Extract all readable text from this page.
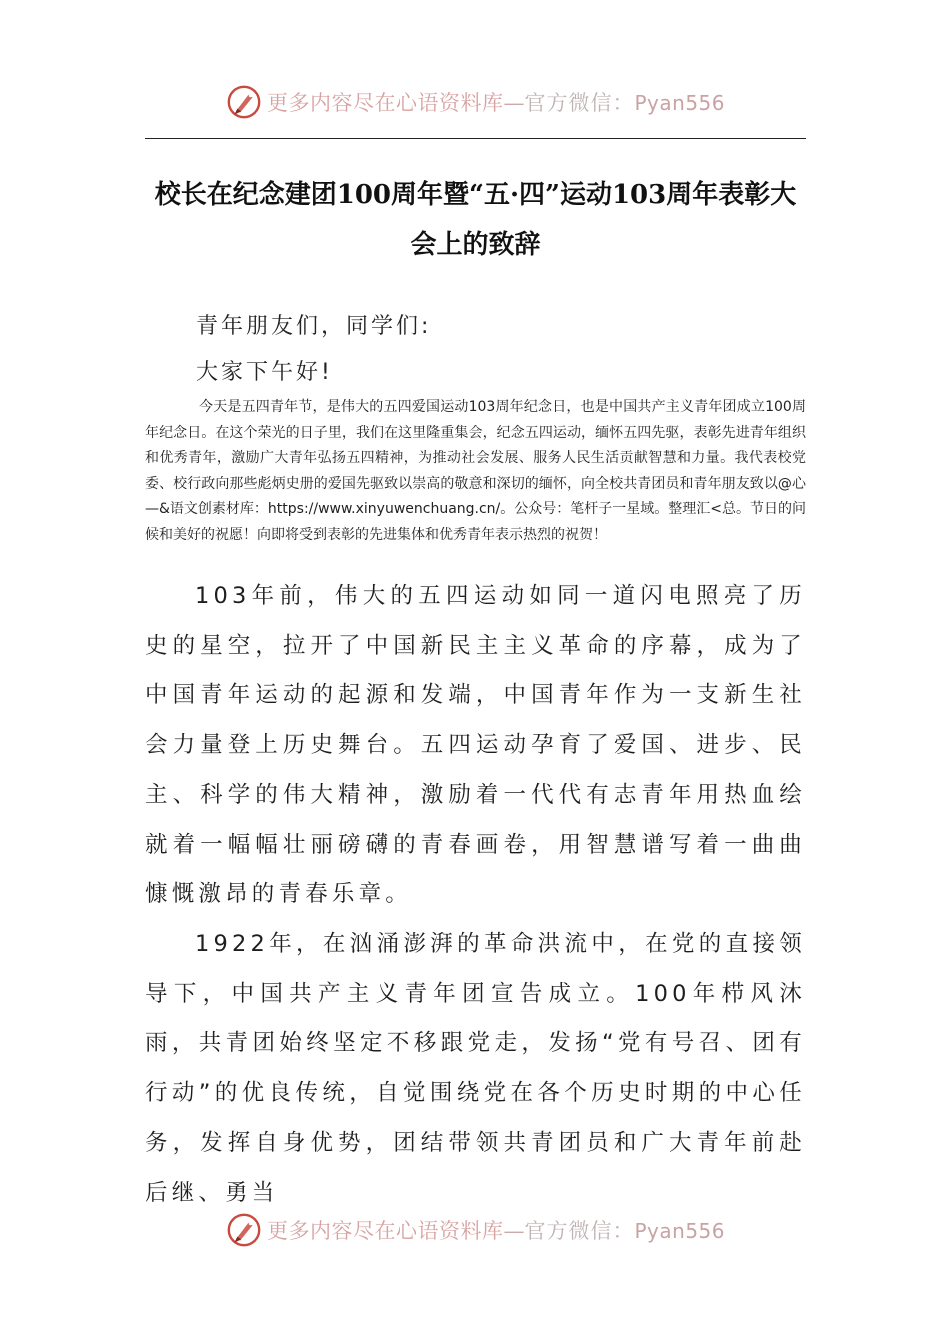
更多内容尽在心语资料库—官方微信：Pyan556
校长在纪念建团100周年暨“五·四”运动103周年表彰大会上的致辞
青年朋友们，同学们:
大家下午好!
今天是五四青年节，是伟大的五四爱国运动103周年纪念日，也是中国共产主义青年团成立100周年纪念日。在这个荣光的日子里，我们在这里隆重集会，纪念五四运动，缅怀五四先驱，表彰先进青年组织和优秀青年，激励广大青年弘扬五四精神，为推动社会发展、服务人民生活贡献智慧和力量。我代表校党委、校行政向那些彪炳史册的爱国先驱致以崇高的敬意和深切的缅怀，向全校共青团员和青年朋友致以@心—&语文创素材库：https://www.xinyuwenchuang.cn/。公众号：笔杆子一星域。整理汇<总。节日的问候和美好的祝愿！向即将受到表彰的先进集体和优秀青年表示热烈的祝贺！
103年前，伟大的五四运动如同一道闪电照亮了历史的星空，拉开了中国新民主主义革命的序幕，成为了中国青年运动的起源和发端，中国青年作为一支新生社会力量登上历史舞台。五四运动孕育了爱国、进步、民主、科学的伟大精神，激励着一代代有志青年用热血绘就着一幅幅壮丽磅礴的青春画卷，用智慧谱写着一曲曲慷慨激昂的青春乐章。
1922年，在汹涌澎湃的革命洪流中，在党的直接领导下，中国共产主义青年团宣告成立。100年栉风沐雨，共青团始终坚定不移跟党走，发扬“党有号召、团有行动”的优良传统，自觉围绕党在各个历史时期的中心任务，发挥自身优势，团结带领共青团员和广大青年前赴后继、勇当
更多内容尽在心语资料库—官方微信：Pyan556
